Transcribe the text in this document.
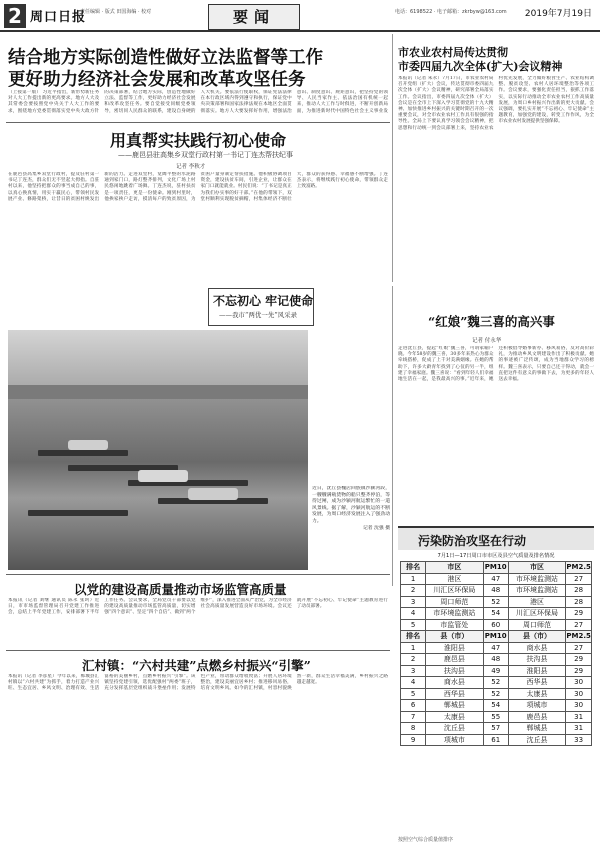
2 周口日报
责任编辑 · 版式 田国海编 · 校对	要闻	电话：6198522 · 电子邮箱：zkrbyw@163.com 2019年7月19日
结合地方实际创造性做好立法监督等工作
更好助力经济社会发展和改革攻坚任务
（上接第一版） 习近平指出，新形势新任务对人大工作提出新的更高要求。地方人大及其常委会要按照党中央关于人大工作的要求，围绕地方党委贯彻落实党中央大政方针的决策部署，结合地方实际，创造性地做好立法、监督等工作，更好助力经济社会发展和改革攻坚任务。要自觉接受同级党委领导，密切同人民群众的联系，建设自身硬的人大机关。要依法行使职权，保证宪法法律在本行政区域内得到遵守和执行，保证党中央决策部署和国家法律法规在本地区全面贯彻落实。地方人大要发挥好作用，增强法治意识、制度意识、规矩意识，把坚持党的领导、人民当家作主、依法治国有机统一起来，推动人大工作与时俱进，不断开创新局面，为推进新时代中国特色社会主义事业发
市农业农村局传达贯彻
市委四届九次全体(扩大)会议精神
本报讯（记者 朱永）7月17日，市农业农村局召开党组（扩大）会议，传达贯彻市委四届九次全体（扩大）会议精神，研究部署全局落实工作。会议指出，市委四届九次全体（扩大）会议是在全市上下深入学习贯彻党的十九大精神、加快推进乡村振兴的关键时期召开的一次重要会议，对全市农业农村工作具有很强的指导性。全局上下要认真学习领会会议精神，把思想和行动统一到会议部署上来，坚持农业农村优先发展，全力做好粮食生产、农业结构调整、脱贫攻坚、农村人居环境整治等各项工作。会议要求，要强化责任担当，狠抓工作落实，以实际行动推动全市农业农村工作高质量发展，为周口乡村振兴作出新的更大贡献。会议强调，要扎实开展“不忘初心、牢记使命”主题教育，加强党的建设，转变工作作风，为全市农业农村发展提供坚强保障。
用真帮实扶践行初心使命
——鹿邑县驻高集乡双堂行政村第一书记丁连杰帮扶纪事
记者 李秋才
在鹿邑县高集乡双堂行政村，提及驻村第一书记丁连杰，群众们无不竖起大拇指。自驻村以来，他坚持把群众的事当成自己的事，以真心换真情，用实干赢民心，带领村民发展产业、修路架桥，让昔日的贫困村焕发出新的活力。走进双堂村，宽阔平整的水泥路通到家门口，路灯整齐排列，文化广场上村民悠闲地跳着广场舞。丁连杰说，驻村扶贫是一项责任，更是一份使命。刚到村里时，他挨家挨户走访，摸清每户的致贫原因，为贫困户量身制定帮扶措施。他积极协调项目资金，建设扶贫车间，引进企业，让群众在家门口就能就业。村民们说：“丁书记是真正为我们办实事的好干部。”在他的带领下，双堂村顺利实现脱贫摘帽，村集体经济不断壮大，群众的获得感、幸福感不断增强。丁连杰表示，将继续践行初心使命，带领群众走上致富路。
不忘初心 牢记使命
——我市“两优一先”风采录
近日，沈丘县槐店回族镇沙颍河段，一艘艘满载货物的船只整齐停泊，等待过闸，成为沙颍河航运繁忙的一道风景线。据了解，沙颍河航运的不断发展，为周口经济发展注入了强劲动力。
记者 沈强 摄
“红娘”魏三喜的高兴事
记者 付永华
走进沈丘县，提起“红娘”魏三喜，可谓家喻户晓。今年58岁的魏三喜，30多年来热心为群众牵线搭桥，促成了上千对美满姻缘。在她的帮助下，许多大龄青年找到了心仪的另一半，组建了幸福家庭。魏三喜说：“看到年轻人们幸福地生活在一起，是我最高兴的事。”近年来，她还积极倡导婚事新办、移风易俗，反对高价彩礼，为推动乡风文明建设作出了积极贡献。她的事迹被广泛传颂，成为当地群众学习的榜样。魏三喜表示，只要自己还干得动，就会一直把这件有意义的事做下去，为更多的年轻人送去幸福。
以党的建设高质量推动市场监管高质量
本报讯（记者 刘继 通讯员 陈永 张珂）近日，市市场监督管理局召开党建工作推进会，总结上半年党建工作，安排部署下半年工作任务。会议要求，全局党员干部要以党的建设高质量推动市场监管高质量，切实增强“四个意识”、坚定“四个自信”、做到“两个维护”，深入推进全面从严治党，为全市经济社会高质量发展营造良好市场环境。会议还就开展“不忘初心、牢记使命”主题教育进行了动员部署。
汇村镇：“六村共建”点燃乡村振兴“引擎”
本报讯（记者 李彦星）今年以来，郸城县汇村镇以“六村共建”为抓手，着力打造产业兴旺、生态宜居、乡风文明、治理有效、生活富裕的美丽乡村，点燃乡村振兴“引擎”。该镇坚持党建引领，选优配强村“两委”班子，充分发挥基层党组织战斗堡垒作用；发展特色产业，带动群众增收致富；开展人居环境整治，建设美丽宜居乡村；推进移风易俗，培育文明乡风。如今的汇村镇，村容村貌焕然一新，群众生活幸福美满，乡村振兴之路越走越宽。
污染防治攻坚在行动
7月1日—17日周口市市区及县空气质量及排名情况
排名	市区	PM10	市区	PM2.5
1	港区	47	市环境监测站	27
2	川汇区环保局	48	市环境监测站	28
3	周口师范	52	港区	28
4	市环境监测站	54	川汇区环保局	29
5	市监管处	60	周口师范	27
排名	县（市）	PM10	县（市）	PM2.5
1	淮阳县	47	商水县	27
2	鹿邑县	48	扶沟县	29
3	扶沟县	49	淮阳县	29
4	商水县	52	西华县	30
5	西华县	52	太康县	30
6	郸城县	54	项城市	30
7	太康县	55	鹿邑县	31
8	沈丘县	57	郸城县	31
9	项城市	61	沈丘县	33
按照空气综合质量值排序
